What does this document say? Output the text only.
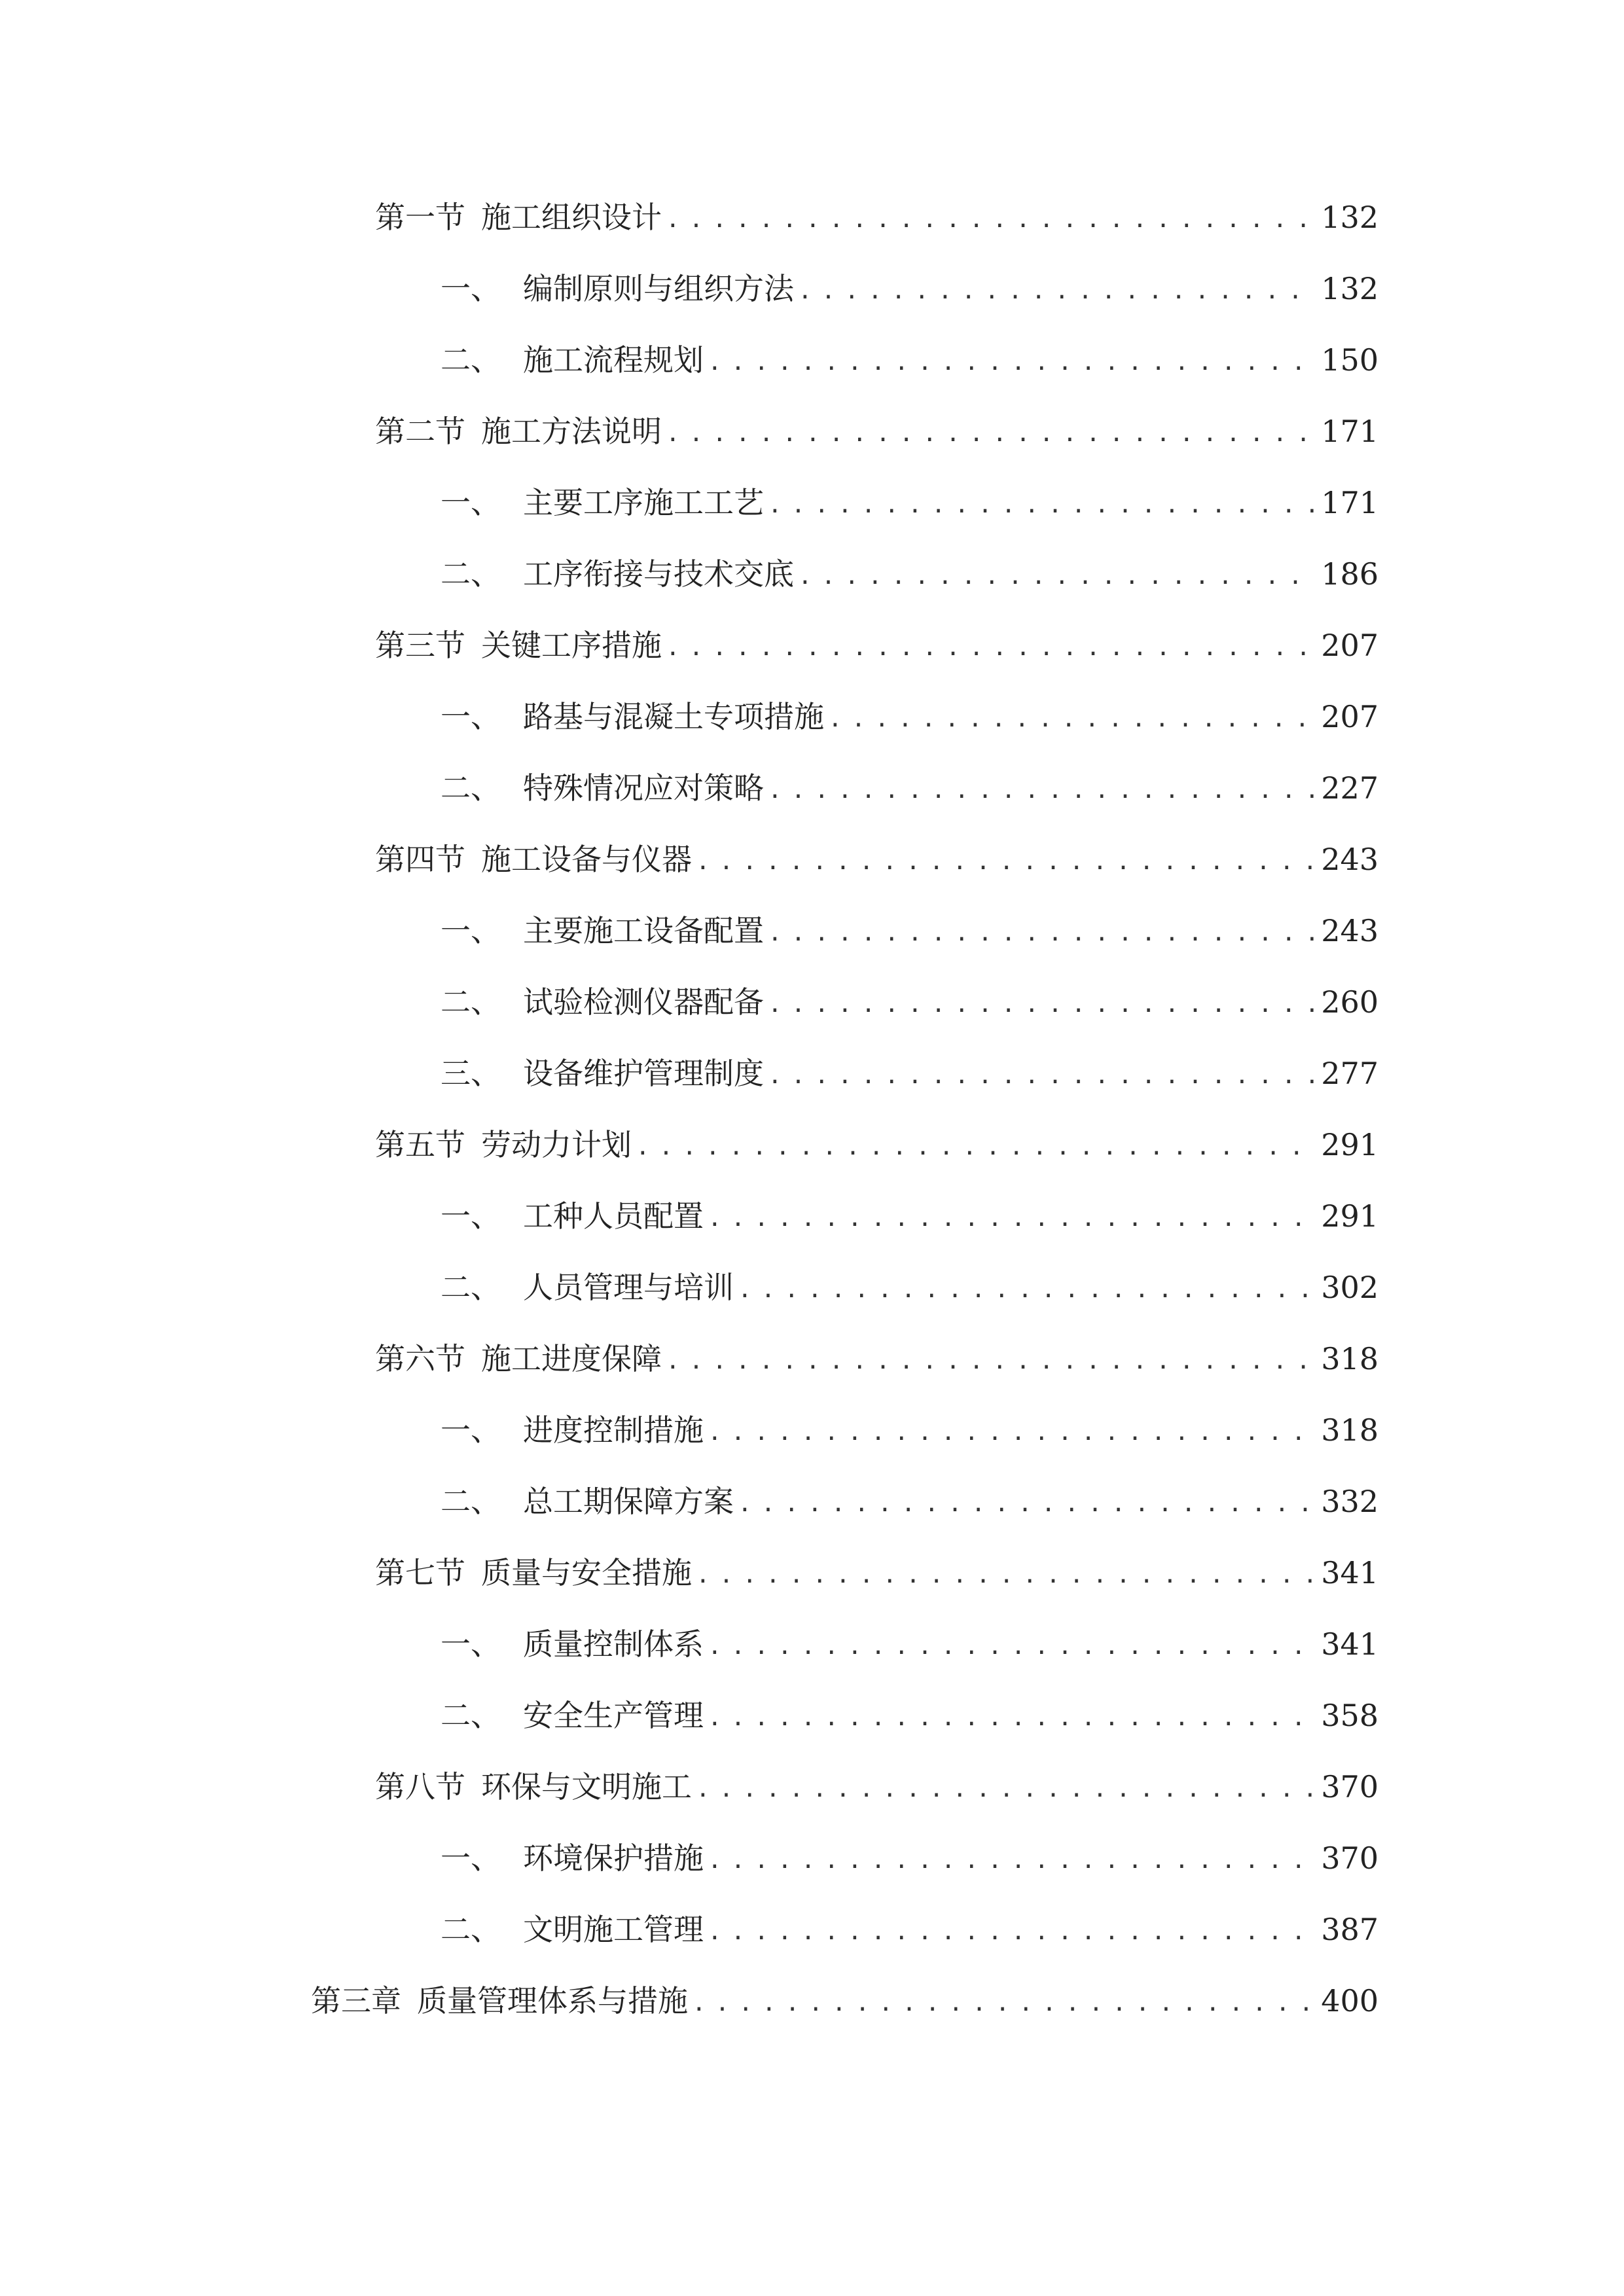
第一节 施工组织设计 .....	132
一、 编制原则与组织方法 .....	132
二、 施工流程规划 .....	150
第二节 施工方法说明 .....	171
一、 主要工序施工工艺 .....	171
二、 工序衔接与技术交底 .....	186
第三节 关键工序措施 .....	207
一、 路基与混凝土专项措施 .....	207
二、 特殊情况应对策略 .....	227
第四节 施工设备与仪器 .....	243
一、 主要施工设备配置 .....	243
二、 试验检测仪器配备 .....	260
三、 设备维护管理制度 .....	277
第五节 劳动力计划 .....	291
一、 工种人员配置 .....	291
二、 人员管理与培训 .....	302
第六节 施工进度保障 .....	318
一、 进度控制措施 .....	318
二、 总工期保障方案 .....	332
第七节 质量与安全措施 .....	341
一、 质量控制体系 .....	341
二、 安全生产管理 .....	358
第八节 环保与文明施工 .....	370
一、 环境保护措施 .....	370
二、 文明施工管理 .....	387
第三章 质量管理体系与措施 .....	400
